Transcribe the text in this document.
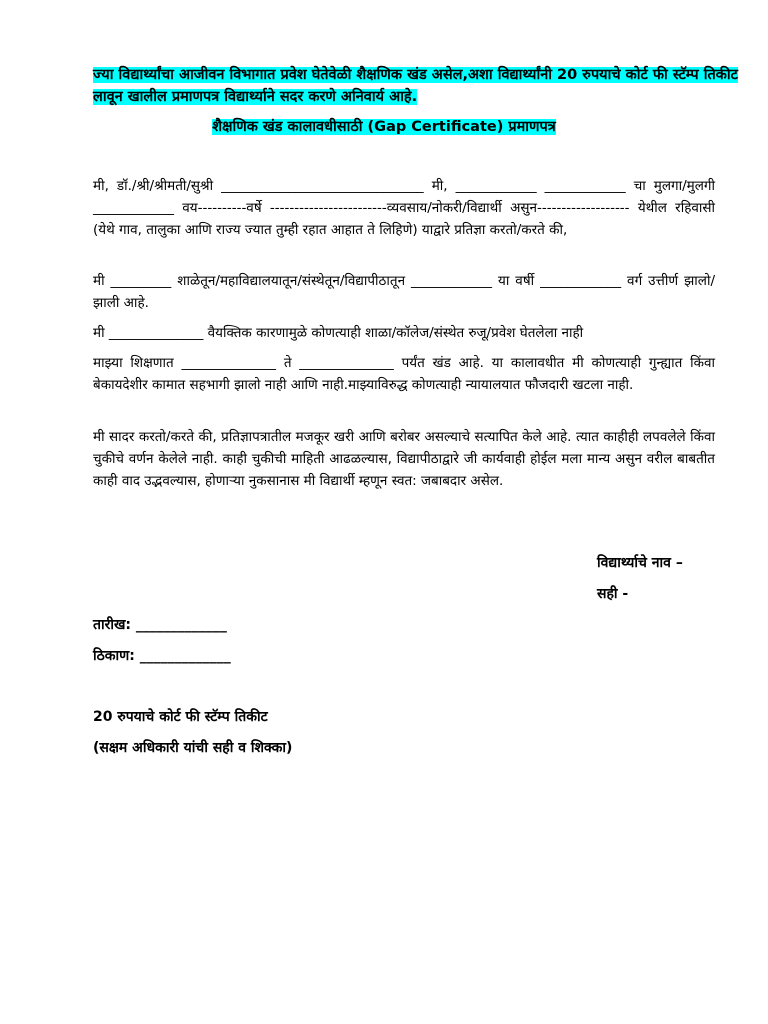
ज्या विद्यार्थ्यांचा आजीवन विभागात प्रवेश घेतेवेळी शैक्षणिक खंड असेल,अशा विद्यार्थ्यांनी 20 रुपयाचे कोर्ट फी स्टॅम्प तिकीट लावून खालील प्रमाणपत्र विद्यार्थ्याने सदर करणे अनिवार्य आहे.

शैक्षणिक खंड कालावधीसाठी (Gap Certificate) प्रमाणपत्र

मी, डॉ./श्री/श्रीमती/सुश्री ______________________________ मी, ____________ ____________ चा मुलगा/मुलगी ____________ वय----------वर्षे ------------------------व्यवसाय/नोकरी/विद्यार्थी असुन------------------- येथील रहिवासी (येथे गाव, तालुका आणि राज्य ज्यात तुम्ही रहात आहात ते लिहिणे) याद्वारे प्रतिज्ञा करतो/करते की,

मी _________ शाळेतून/महाविद्यालयातून/संस्थेतून/विद्यापीठातून ____________ या वर्षी ____________ वर्ग उत्तीर्ण झालो/झाली आहे.

मी ______________ वैयक्तिक कारणामुळे कोणत्याही शाळा/कॉलेज/संस्थेत रुजू/प्रवेश घेतलेला नाही

माझ्या शिक्षणात ______________ ते ______________ पर्यंत खंड आहे. या कालावधीत मी कोणत्याही गुन्ह्यात किंवा बेकायदेशीर कामात सहभागी झालो नाही आणि नाही.माझ्याविरुद्ध कोणत्याही न्यायालयात फौजदारी खटला नाही.

मी सादर करतो/करते की, प्रतिज्ञापत्रातील मजकूर खरी आणि बरोबर असल्याचे सत्यापित केले आहे. त्यात काहीही लपवलेले किंवा चुकीचे वर्णन केलेले नाही. काही चुकीची माहिती आढळल्यास, विद्यापीठाद्वारे जी कार्यवाही होईल मला मान्य असुन वरील बाबतीत काही वाद उद्भवल्यास, होणाऱ्या नुकसानास मी विद्यार्थी म्हणून स्वत: जबाबदार असेल.

विद्यार्थ्याचे नाव –

सही -

तारीख: _____________

ठिकाण: _____________

20 रुपयाचे कोर्ट फी स्टॅम्प तिकीट

(सक्षम अधिकारी यांची सही व शिक्का)
